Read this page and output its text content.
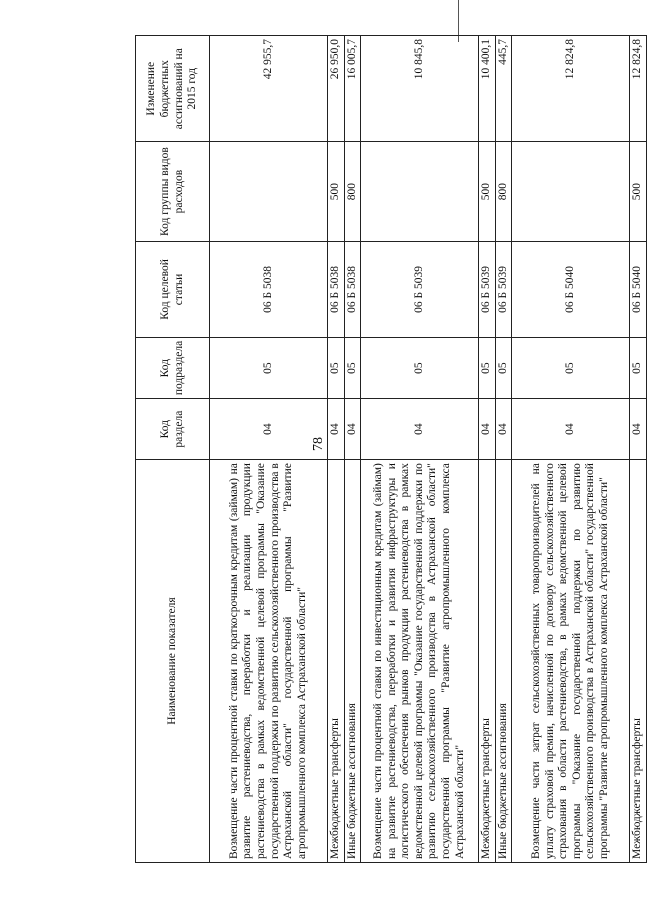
78
Наименование показателя	Код раздела	Код подраздела	Код целевой статьи	Код группы видов расходов	Изменение бюджетных ассигнований на 2015 год
Возмещение части процентной ставки по краткосрочным кредитам (займам) на развитие растениеводства, переработки и реализации продукции растениеводства в рамках ведомственной целевой программы "Оказание государственной поддержки по развитию сельскохозяйственного производства в Астраханской области" государственной программы "Развитие агропромышленного комплекса Астраханской области"	04	05	06 Б 5038		42 955,7
Межбюджетные трансферты	04	05	06 Б 5038	500	26 950,0
Иные бюджетные ассигнования	04	05	06 Б 5038	800	16 005,7
Возмещение части процентной ставки по инвестиционным кредитам (займам) на развитие растениеводства, переработки и развития инфраструктуры и логистического обеспечения рынков продукции растениеводства в рамках ведомственной целевой программы "Оказание государственной поддержки по развитию сельскохозяйственного производства в Астраханской области" государственной программы "Развитие агропромышленного комплекса Астраханской области"	04	05	06 Б 5039		10 845,8
Межбюджетные трансферты	04	05	06 Б 5039	500	10 400,1
Иные бюджетные ассигнования	04	05	06 Б 5039	800	445,7
Возмещение части затрат сельскохозяйственных товаропроизводителей на уплату страховой премии, начисленной по договору сельскохозяйственного страхования в области растениеводства, в рамках ведомственной целевой программы "Оказание государственной поддержки по развитию сельскохозяйственного производства в Астраханской области" государственной программы "Развитие агропромышленного комплекса Астраханской области"	04	05	06 Б 5040		12 824,8
Межбюджетные трансферты	04	05	06 Б 5040	500	12 824,8
